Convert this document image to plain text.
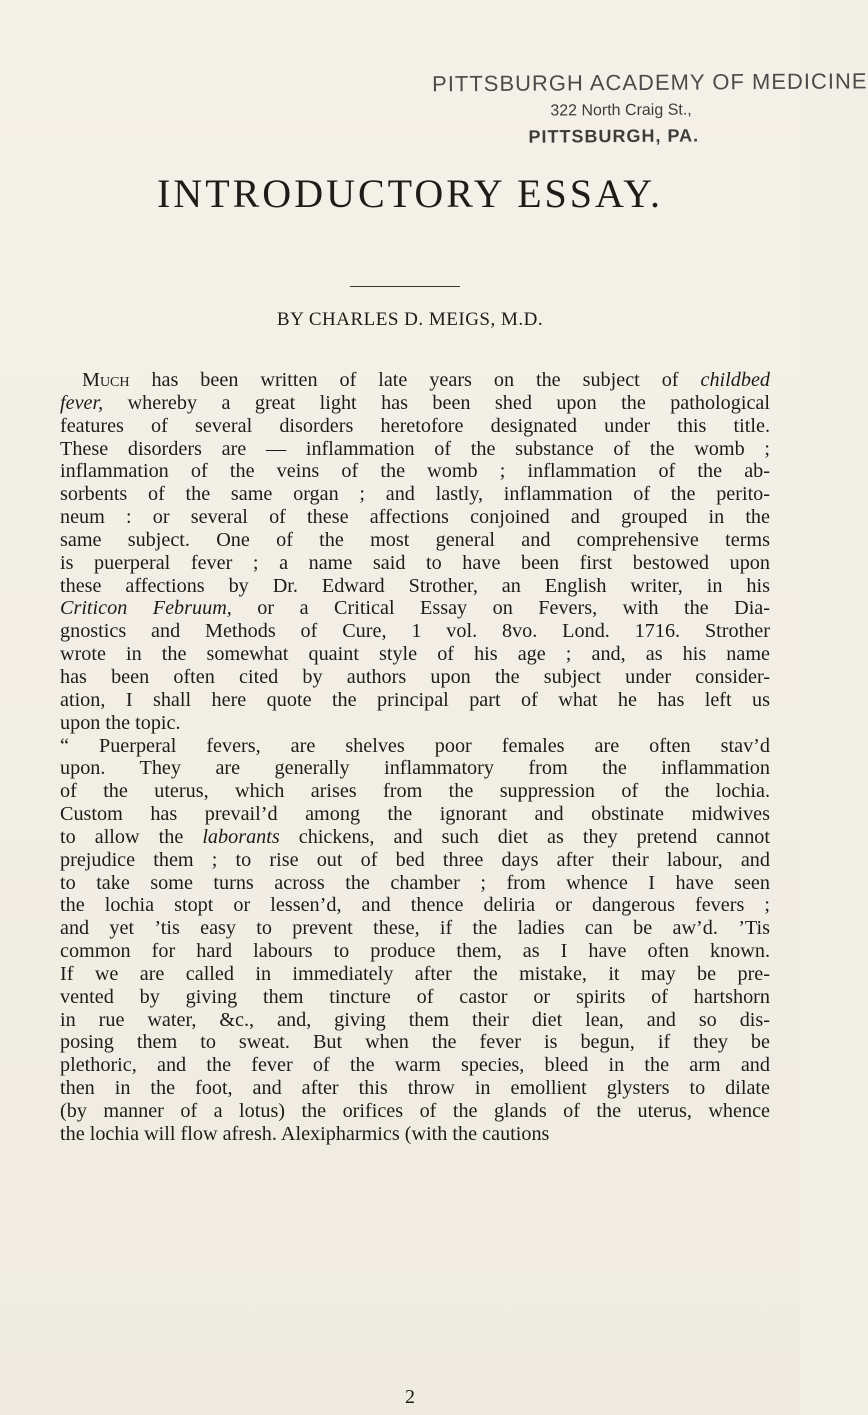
PITTSBURGH ACADEMY OF MEDICINE
322 North Craig St.,
PITTSBURGH, PA.
INTRODUCTORY ESSAY.
BY CHARLES D. MEIGS, M.D.
Much has been written of late years on the subject of childbed
fever, whereby a great light has been shed upon the pathological
features of several disorders heretofore designated under this title.
These disorders are — inflammation of the substance of the womb ;
inflammation of the veins of the womb ; inflammation of the ab-
sorbents of the same organ ; and lastly, inflammation of the perito-
neum : or several of these affections conjoined and grouped in the
same subject. One of the most general and comprehensive terms
is puerperal fever ; a name said to have been first bestowed upon
these affections by Dr. Edward Strother, an English writer, in his
Criticon Februum, or a Critical Essay on Fevers, with the Dia-
gnostics and Methods of Cure, 1 vol. 8vo. Lond. 1716. Strother
wrote in the somewhat quaint style of his age ; and, as his name
has been often cited by authors upon the subject under consider-
ation, I shall here quote the principal part of what he has left us
upon the topic.
“ Puerperal fevers, are shelves poor females are often stav’d
upon. They are generally inflammatory from the inflammation
of the uterus, which arises from the suppression of the lochia.
Custom has prevail’d among the ignorant and obstinate midwives
to allow the laborants chickens, and such diet as they pretend cannot
prejudice them ; to rise out of bed three days after their labour, and
to take some turns across the chamber ; from whence I have seen
the lochia stopt or lessen’d, and thence deliria or dangerous fevers ;
and yet ’tis easy to prevent these, if the ladies can be aw’d. ’Tis
common for hard labours to produce them, as I have often known.
If we are called in immediately after the mistake, it may be pre-
vented by giving them tincture of castor or spirits of hartshorn
in rue water, &c., and, giving them their diet lean, and so dis-
posing them to sweat. But when the fever is begun, if they be
plethoric, and the fever of the warm species, bleed in the arm and
then in the foot, and after this throw in emollient glysters to dilate
(by manner of a lotus) the orifices of the glands of the uterus, whence
the lochia will flow afresh. Alexipharmics (with the cautions
2
